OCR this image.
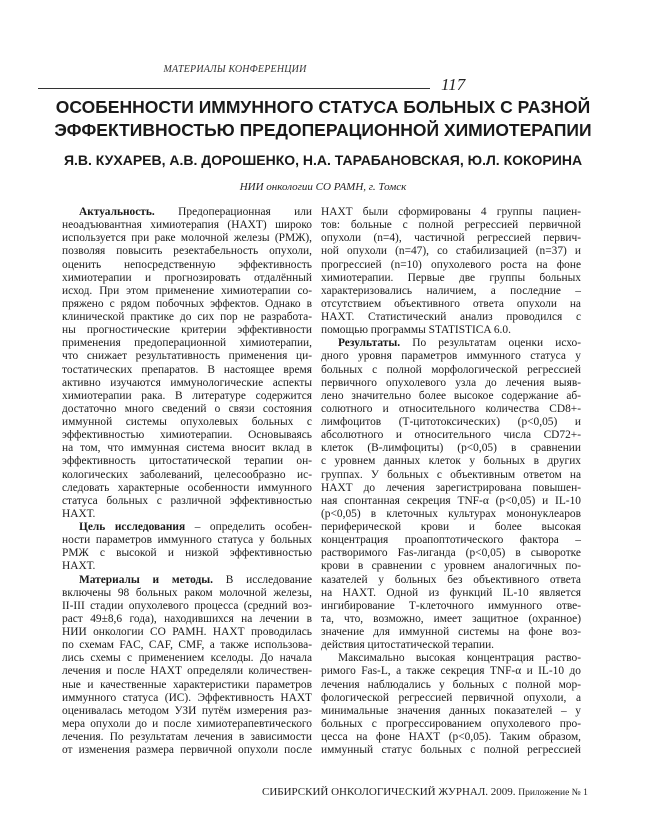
МАТЕРИАЛЫ КОНФЕРЕНЦИИ
117
ОСОБЕННОСТИ ИММУННОГО СТАТУСА БОЛЬНЫХ С РАЗНОЙ
ЭФФЕКТИВНОСТЬЮ ПРЕДОПЕРАЦИОННОЙ ХИМИОТЕРАПИИ
Я.В. КУХАРЕВ, А.В. ДОРОШЕНКО, Н.А. ТАРАБАНОВСКАЯ, Ю.Л. КОКОРИНА
НИИ онкологии СО РАМН, г. Томск
Актуальность. Предоперационная или
неоадъювантная химиотерапия (НАХТ) широко
используется при раке молочной железы (РМЖ),
позволяя повысить резектабельность опухоли,
оценить непосредственную эффективность
химиотерапии и прогнозировать отдалённый
исход. При этом применение химиотерапии со-
пряжено с рядом побочных эффектов. Однако в
клинической практике до сих пор не разработа-
ны прогностические критерии эффективности
применения предоперационной химиотерапии,
что снижает результативность применения ци-
тостатических препаратов. В настоящее время
активно изучаются иммунологические аспекты
химиотерапии рака. В литературе содержится
достаточно много сведений о связи состояния
иммунной системы опухолевых больных с
эффективностью химиотерапии. Основываясь
на том, что иммунная система вносит вклад в
эффективность цитостатической терапии он-
кологических заболеваний, целесообразно ис-
следовать характерные особенности иммунного
статуса больных с различной эффективностью
НАХТ.
Цель исследования – определить особен-
ности параметров иммунного статуса у больных
РМЖ с высокой и низкой эффективностью
НАХТ.
Материалы и методы. В исследование
включены 98 больных раком молочной железы,
II-III стадии опухолевого процесса (средний воз-
раст 49±8,6 года), находившихся на лечении в
НИИ онкологии СО РАМН. НАХТ проводилась
по схемам FAC, CAF, CMF, а также использова-
лись схемы с применением кселоды. До начала
лечения и после НАХТ определяли количествен-
ные и качественные характеристики параметров
иммунного статуса (ИС). Эффективность НАХТ
оценивалась методом УЗИ путём измерения раз-
мера опухоли до и после химиотерапевтического
лечения. По результатам лечения в зависимости
от изменения размера первичной опухоли после
НАХТ были сформированы 4 группы пациен-
тов: больные с полной регрессией первичной
опухоли (n=4), частичной регрессией первич-
ной опухоли (n=47), со стабилизацией (n=37) и
прогрессией (n=10) опухолевого роста на фоне
химиотерапии. Первые две группы больных
характеризовались наличием, а последние –
отсутствием объективного ответа опухоли на
НАХТ. Статистический анализ проводился с
помощью программы STATISTICA 6.0.
Результаты. По результатам оценки исхо-
дного уровня параметров иммунного статуса у
больных с полной морфологической регрессией
первичного опухолевого узла до лечения выяв-
лено значительно более высокое содержание аб-
солютного и относительного количества CD8+-
лимфоцитов (Т-цитотоксических) (p<0,05) и
абсолютного и относительного числа CD72+-
клеток (В-лимфоциты) (p<0,05) в сравнении
с уровнем данных клеток у больных в других
группах. У больных с объективным ответом на
НАХТ до лечения зарегистрирована повышен-
ная спонтанная секреция TNF-α (p<0,05) и IL-10
(p<0,05) в клеточных культурах мононуклеаров
периферической крови и более высокая
концентрация проапоптотического фактора –
растворимого Fas-лиганда (p<0,05) в сыворотке
крови в сравнении с уровнем аналогичных по-
казателей у больных без объективного ответа
на НАХТ. Одной из функций IL-10 является
ингибирование Т-клеточного иммунного отве-
та, что, возможно, имеет защитное (охранное)
значение для иммунной системы на фоне воз-
действия цитостатической терапии.
Максимально высокая концентрация раство-
римого Fas-L, а также секреция TNF-α и IL-10 до
лечения наблюдались у больных с полной мор-
фологической регрессией первичной опухоли, а
минимальные значения данных показателей – у
больных с прогрессированием опухолевого про-
цесса на фоне НАХТ (p<0,05). Таким образом,
иммунный статус больных с полной регрессией
СИБИРСКИЙ ОНКОЛОГИЧЕСКИЙ ЖУРНАЛ. 2009. Приложение № 1
